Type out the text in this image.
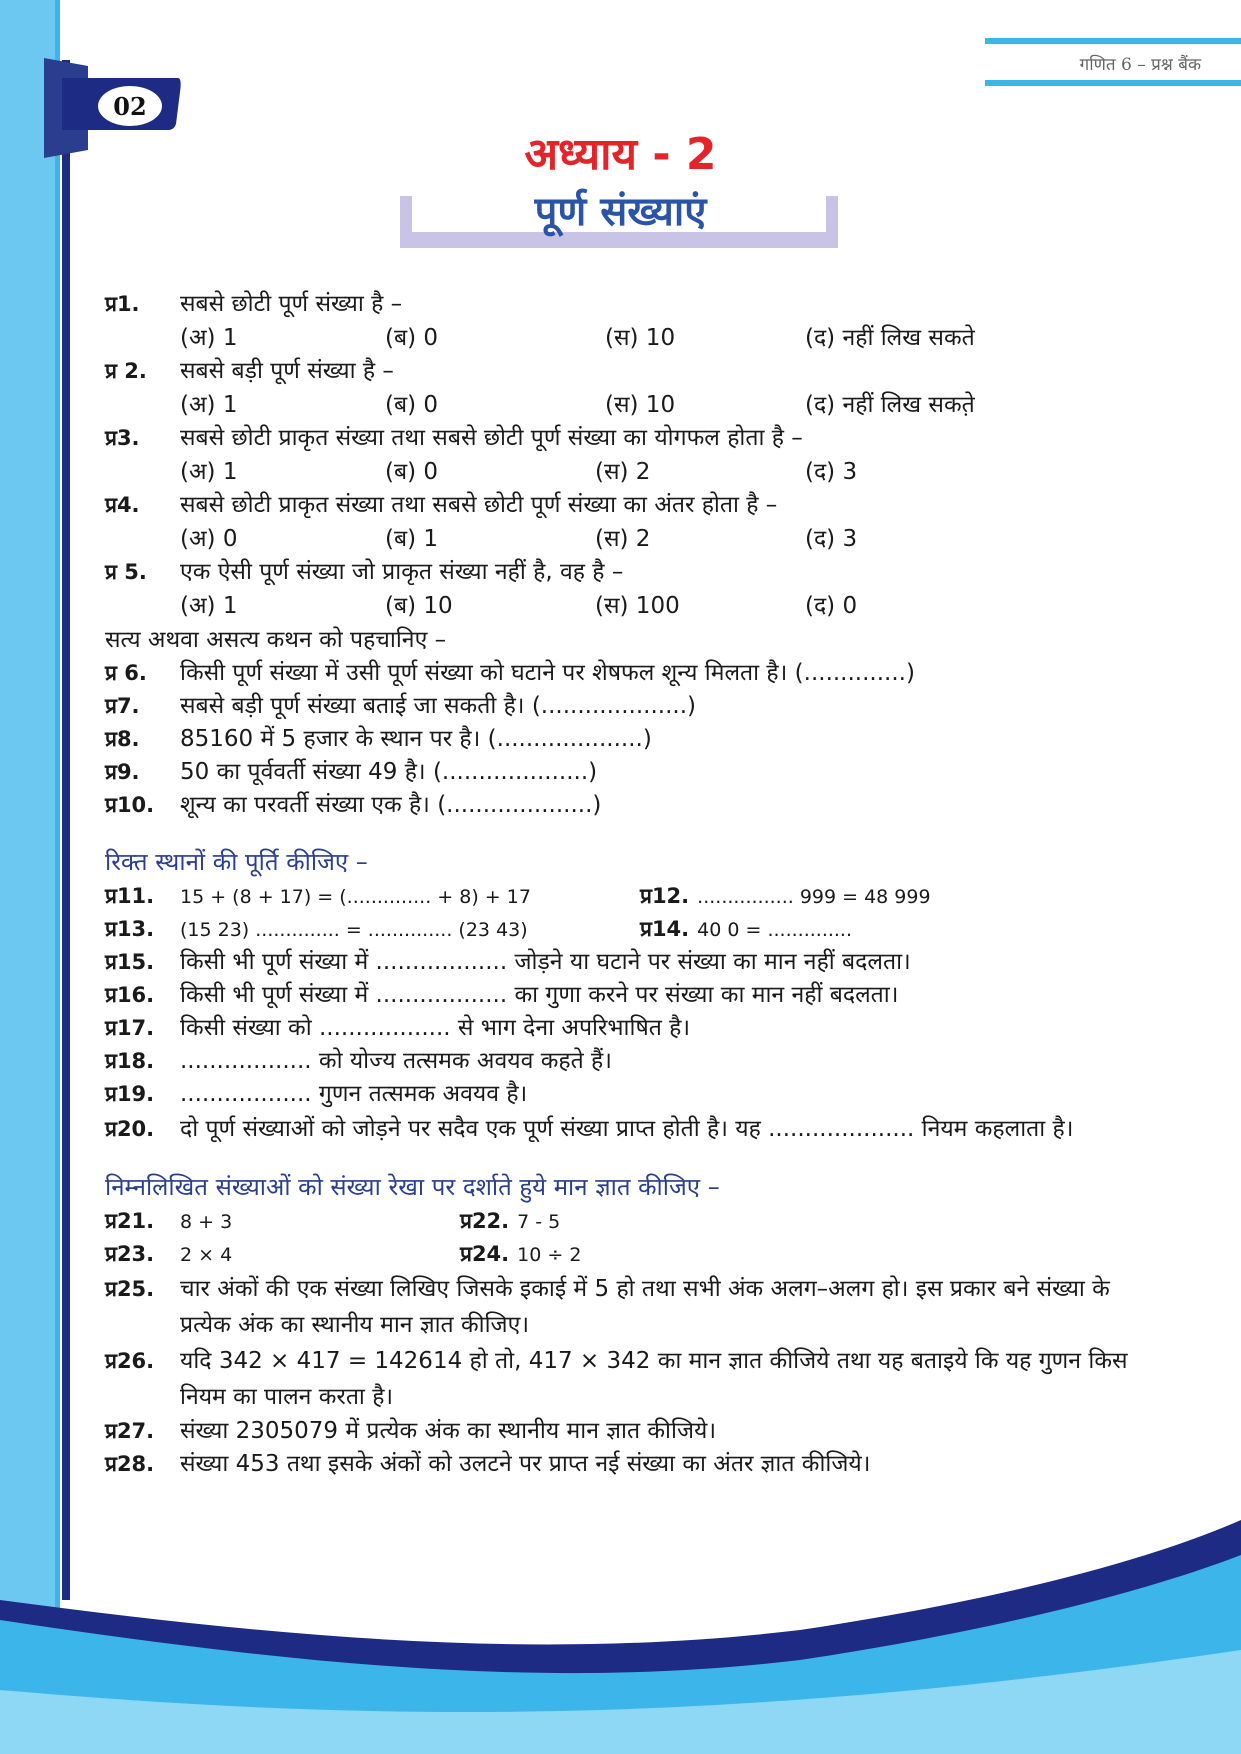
गणित 6 – प्रश्न बैंक
02
अध्याय - 2
पूर्ण संख्याएं

प्र1. सबसे छोटी पूर्ण संख्या है –

(अ) 1	(ब) 0	(स) 10	(द) नहीं लिख सकते

प्र 2. सबसे बड़ी पूर्ण संख्या है –

(अ) 1	(ब) 0	(स) 10	(द) नहीं लिख सकते़

प्र3. सबसे छोटी प्राकृत संख्या तथा सबसे छोटी पूर्ण संख्या का योगफल होता है –

(अ) 1	(ब) 0	(स) 2	(द) 3

प्र4. सबसे छोटी प्राकृत संख्या तथा सबसे छोटी पूर्ण संख्या का अंतर होता है –

(अ) 0	(ब) 1	(स) 2	(द) 3

प्र 5. एक ऐसी पूर्ण संख्या जो प्राकृत संख्या नहीं है, वह है –

(अ) 1	(ब) 10	(स) 100	(द) 0

सत्य अथवा असत्य कथन को पहचानिए –

प्र 6. किसी पूर्ण संख्या में उसी पूर्ण संख्या को घटाने पर शेषफल शून्य मिलता है। (..............)

प्र7. सबसे बड़ी पूर्ण संख्या बताई जा सकती है। (....................)

प्र8. 85160 में 5 हजार के स्थान पर है। (....................)

प्र9. 50 का पूर्ववर्ती संख्या 49 है। (....................)

प्र10. शून्य का परवर्ती संख्या एक है। (....................)

रिक्त स्थानों की पूर्ति कीजिए –

प्र11. 15 + (8 + 17) = (.............. + 8) + 17	प्र12. ................ 999 = 48 999
प्र13. (15 23) .............. = .............. (23 43)	प्र14. 40 0 = ..............

प्र15. किसी भी पूर्ण संख्या में .................. जोड़ने या घटाने पर संख्या का मान नहीं बदलता।

प्र16. किसी भी पूर्ण संख्या में .................. का गुणा करने पर संख्या का मान नहीं बदलता।

प्र17. किसी संख्या को .................. से भाग देना अपरिभाषित है।

प्र18. .................. को योज्य तत्समक अवयव कहते हैं।

प्र19. .................. गुणन तत्समक अवयव है।

प्र20. दो पूर्ण संख्याओं को जोड़ने पर सदैव एक पूर्ण संख्या प्राप्त होती है। यह .................... नियम कहलाता है।

निम्नलिखित संख्याओं को संख्या रेखा पर दर्शाते हुये मान ज्ञात कीजिए –

प्र21. 8 + 3	प्र22. 7 - 5
प्र23. 2 × 4	प्र24. 10 ÷ 2

प्र25. चार अंकों की एक संख्या लिखिए जिसके इकाई में 5 हो तथा सभी अंक अलग–अलग हो। इस प्रकार बने संख्या के प्रत्येक अंक का स्थानीय मान ज्ञात कीजिए।

प्र26. यदि 342 × 417 = 142614 हो तो, 417 × 342 का मान ज्ञात कीजिये तथा यह बताइये कि यह गुणन किस नियम का पालन करता है।

प्र27. संख्या 2305079 में प्रत्येक अंक का स्थानीय मान ज्ञात कीजिये।

प्र28. संख्या 453 तथा इसके अंकों को उलटने पर प्राप्त नई संख्या का अंतर ज्ञात कीजिये।
